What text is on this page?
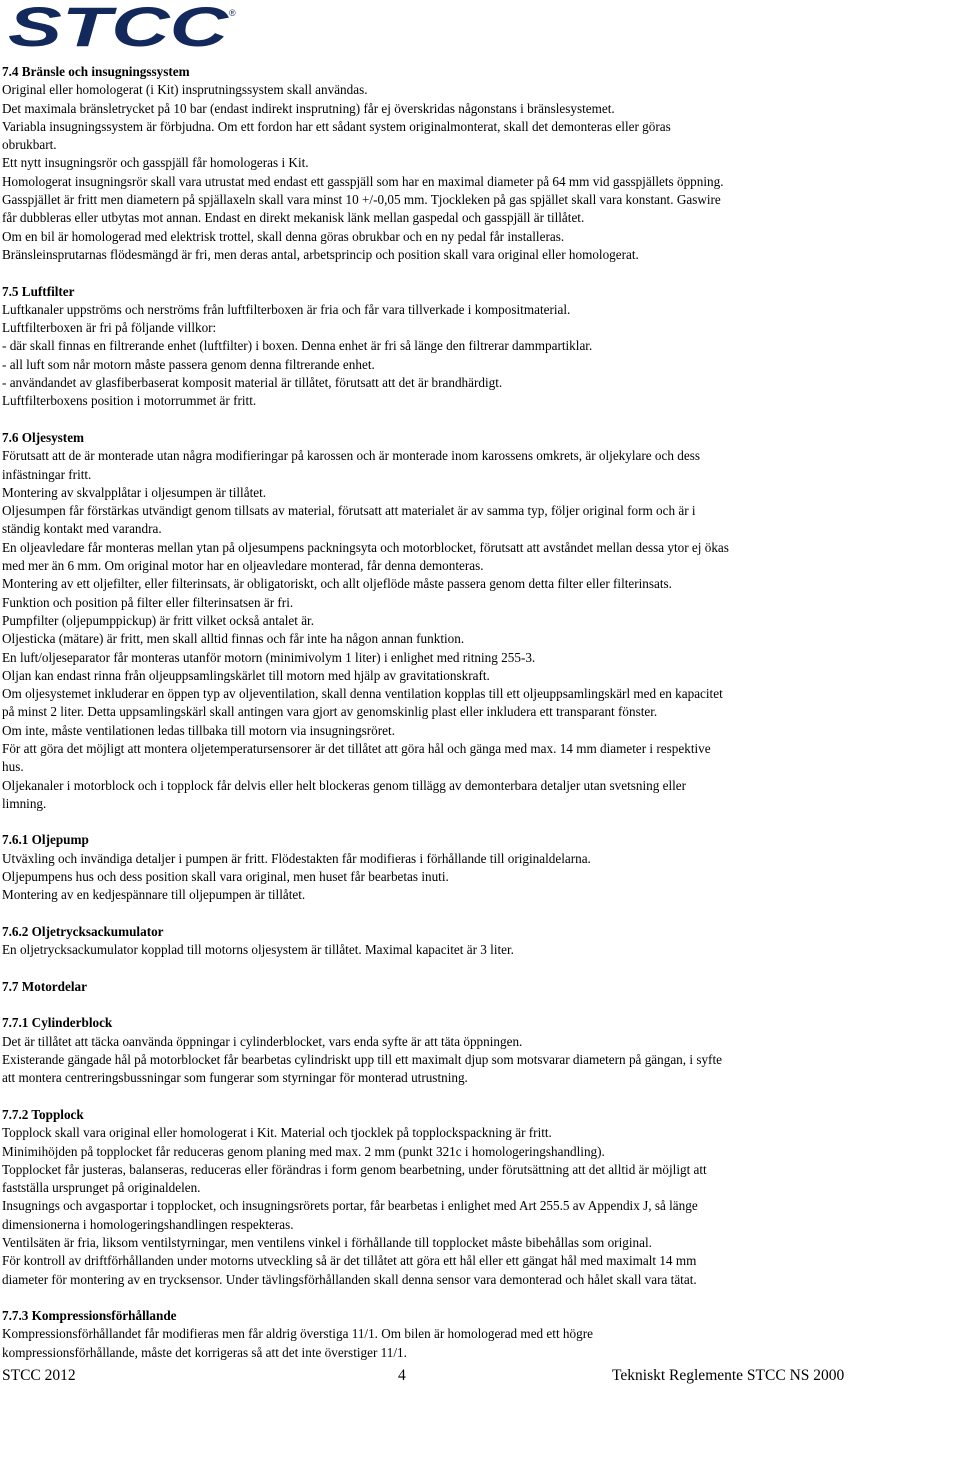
STCC
®
7.4 Bränsle och insugningssystem
Original eller homologerat (i Kit) insprutningssystem skall användas.
Det maximala bränsletrycket på 10 bar (endast indirekt insprutning) får ej överskridas någonstans i bränslesystemet.
Variabla insugningssystem är förbjudna. Om ett fordon har ett sådant system originalmonterat, skall det demonteras eller göras
obrukbart.
Ett nytt insugningsrör och gasspjäll får homologeras i Kit.
Homologerat insugningsrör skall vara utrustat med endast ett gasspjäll som har en maximal diameter på 64 mm vid gasspjällets öppning.
Gasspjället är fritt men diametern på spjällaxeln skall vara minst 10 +/-0,05 mm. Tjockleken på gas spjället skall vara konstant. Gaswire
får dubbleras eller utbytas mot annan. Endast en direkt mekanisk länk mellan gaspedal och gasspjäll är tillåtet.
Om en bil är homologerad med elektrisk trottel, skall denna göras obrukbar och en ny pedal får installeras.
Bränsleinsprutarnas flödesmängd är fri, men deras antal, arbetsprincip och position skall vara original eller homologerat.
7.5 Luftfilter
Luftkanaler uppströms och nerströms från luftfilterboxen är fria och får vara tillverkade i kompositmaterial.
Luftfilterboxen är fri på följande villkor:
- där skall finnas en filtrerande enhet (luftfilter) i boxen. Denna enhet är fri så länge den filtrerar dammpartiklar.
- all luft som når motorn måste passera genom denna filtrerande enhet.
- användandet av glasfiberbaserat komposit material är tillåtet, förutsatt att det är brandhärdigt.
Luftfilterboxens position i motorrummet är fritt.
7.6 Oljesystem
Förutsatt att de är monterade utan några modifieringar på karossen och är monterade inom karossens omkrets, är oljekylare och dess
infästningar fritt.
Montering av skvalpplåtar i oljesumpen är tillåtet.
Oljesumpen får förstärkas utvändigt genom tillsats av material, förutsatt att materialet är av samma typ, följer original form och är i
ständig kontakt med varandra.
En oljeavledare får monteras mellan ytan på oljesumpens packningsyta och motorblocket, förutsatt att avståndet mellan dessa ytor ej ökas
med mer än 6 mm. Om original motor har en oljeavledare monterad, får denna demonteras.
Montering av ett oljefilter, eller filterinsats, är obligatoriskt, och allt oljeflöde måste passera genom detta filter eller filterinsats.
Funktion och position på filter eller filterinsatsen är fri.
Pumpfilter (oljepumppickup) är fritt vilket också antalet är.
Oljesticka (mätare) är fritt, men skall alltid finnas och får inte ha någon annan funktion.
En luft/oljeseparator får monteras utanför motorn (minimivolym 1 liter) i enlighet med ritning 255-3.
Oljan kan endast rinna från oljeuppsamlingskärlet till motorn med hjälp av gravitationskraft.
Om oljesystemet inkluderar en öppen typ av oljeventilation, skall denna ventilation kopplas till ett oljeuppsamlingskärl med en kapacitet
på minst 2 liter. Detta uppsamlingskärl skall antingen vara gjort av genomskinlig plast eller inkludera ett transparant fönster.
Om inte, måste ventilationen ledas tillbaka till motorn via insugningsröret.
För att göra det möjligt att montera oljetemperatursensorer är det tillåtet att göra hål och gänga med max. 14 mm diameter i respektive
hus.
Oljekanaler i motorblock och i topplock får delvis eller helt blockeras genom tillägg av demonterbara detaljer utan svetsning eller
limning.
7.6.1 Oljepump
Utväxling och invändiga detaljer i pumpen är fritt. Flödestakten får modifieras i förhållande till originaldelarna.
Oljepumpens hus och dess position skall vara original, men huset får bearbetas inuti.
Montering av en kedjespännare till oljepumpen är tillåtet.
7.6.2 Oljetrycksackumulator
En oljetrycksackumulator kopplad till motorns oljesystem är tillåtet. Maximal kapacitet är 3 liter.
7.7 Motordelar
7.7.1 Cylinderblock
Det är tillåtet att täcka oanvända öppningar i cylinderblocket, vars enda syfte är att täta öppningen.
Existerande gängade hål på motorblocket får bearbetas cylindriskt upp till ett maximalt djup som motsvarar diametern på gängan, i syfte
att montera centreringsbussningar som fungerar som styrningar för monterad utrustning.
7.7.2 Topplock
Topplock skall vara original eller homologerat i Kit. Material och tjocklek på topplockspackning är fritt.
Minimihöjden på topplocket får reduceras genom planing med max. 2 mm (punkt 321c i homologeringshandling).
Topplocket får justeras, balanseras, reduceras eller förändras i form genom bearbetning, under förutsättning att det alltid är möjligt att
fastställa ursprunget på originaldelen.
Insugnings och avgasportar i topplocket, och insugningsrörets portar, får bearbetas i enlighet med Art 255.5 av Appendix J, så länge
dimensionerna i homologeringshandlingen respekteras.
Ventilsäten är fria, liksom ventilstyrningar, men ventilens vinkel i förhållande till topplocket måste bibehållas som original.
För kontroll av driftförhållanden under motorns utveckling så är det tillåtet att göra ett hål eller ett gängat hål med maximalt 14 mm
diameter för montering av en trycksensor. Under tävlingsförhållanden skall denna sensor vara demonterad och hålet skall vara tätat.
7.7.3 Kompressionsförhållande
Kompressionsförhållandet får modifieras men får aldrig överstiga 11/1. Om bilen är homologerad med ett högre
kompressionsförhållande, måste det korrigeras så att det inte överstiger 11/1.
STCC 2012	4	Tekniskt Reglemente STCC NS 2000
